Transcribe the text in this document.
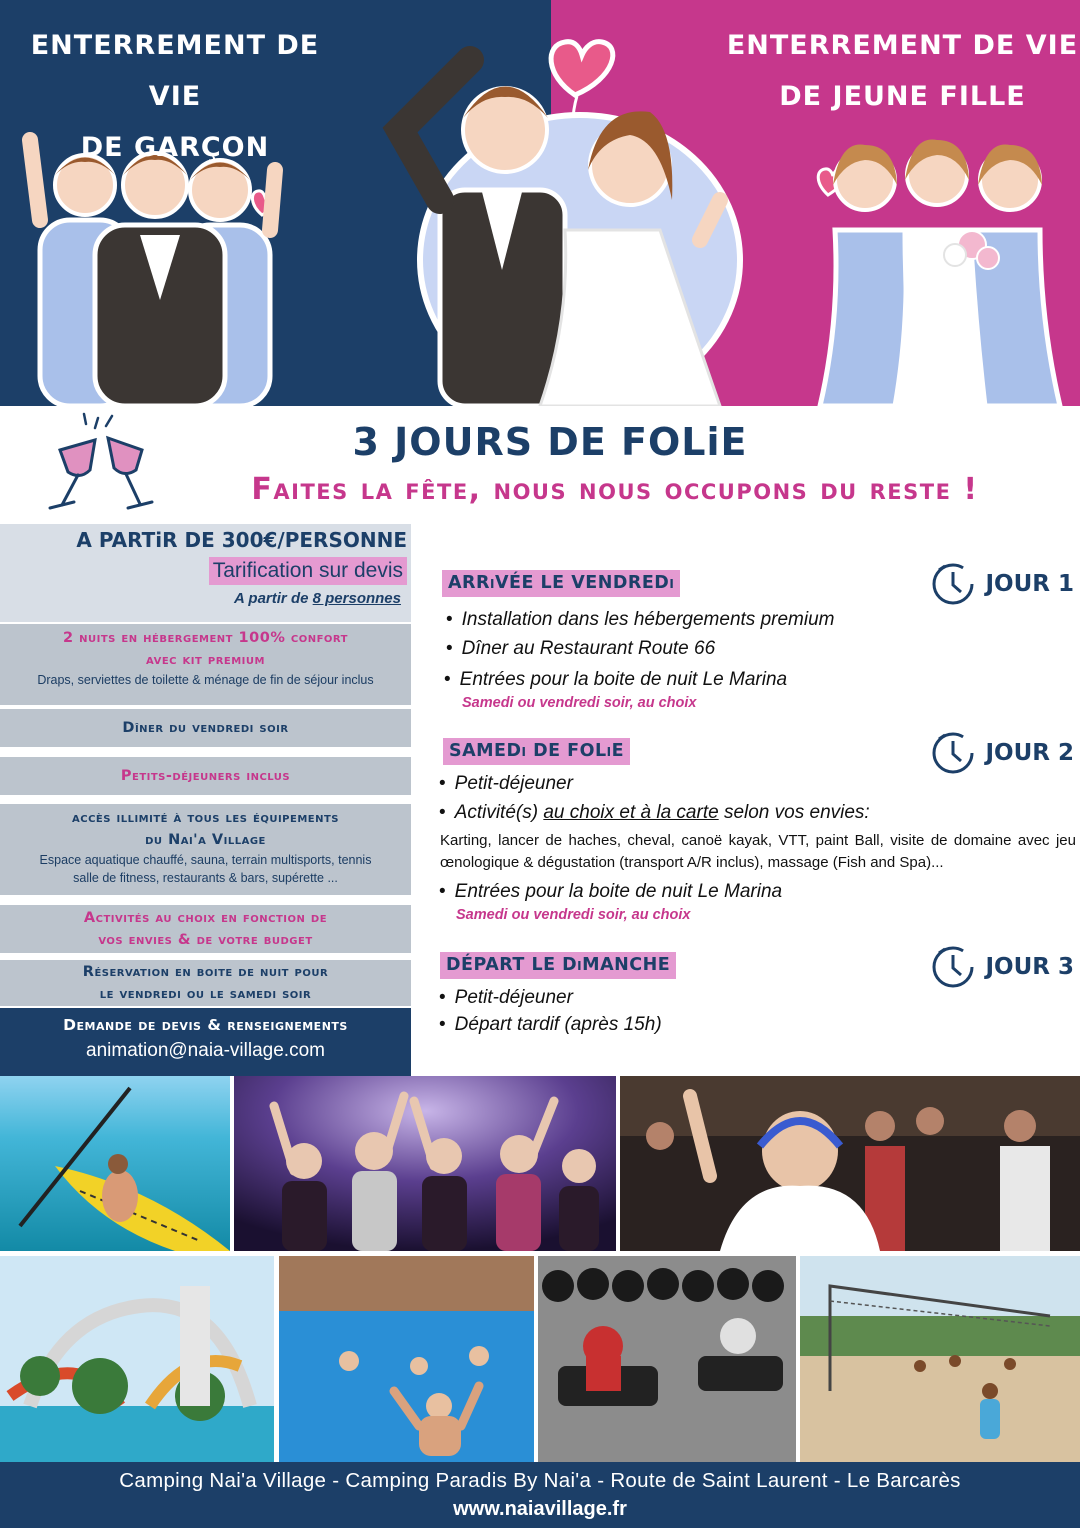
ENTERREMENT DE VIE
DE GARÇON
ENTERREMENT DE VIE
DE JEUNE FILLE
3 JOURS DE FOLiE
Faites la fête, nous nous occupons du reste !
A PARTiR DE 300€/PERSONNE
Tarification sur devis
A partir de 8 personnes
2 nuits en hébergement 100% confort
avec kit premium
Draps, serviettes de toilette & ménage de fin de séjour inclus
Dîner du vendredi soir
Petits-déjeuners inclus
accès illimité à tous les équipements
du Nai'a Village
Espace aquatique chauffé, sauna, terrain multisports, tennis
salle de fitness, restaurants & bars, supérette ...
Activités au choix en fonction de
vos envies & de votre budget
Réservation en boite de nuit pour
le vendredi ou le samedi soir
Demande de devis & renseignements
animation@naia-village.com
ARRiVÉE LE VENDREDi	JOUR 1
• Installation dans les hébergements premium
• Dîner au Restaurant Route 66
• Entrées pour la boite de nuit Le Marina
Samedi ou vendredi soir, au choix
SAMEDi DE FOLiE	JOUR 2
• Petit-déjeuner
• Activité(s) au choix et à la carte selon vos envies:
Karting, lancer de haches, cheval, canoë kayak, VTT, paint Ball, visite de domaine avec jeu œnologique & dégustation (transport A/R inclus), massage (Fish and Spa)...
• Entrées pour la boite de nuit Le Marina
Samedi ou vendredi soir, au choix
DÉPART LE DiMANCHE	JOUR 3
• Petit-déjeuner
• Départ tardif (après 15h)
Camping Nai'a Village - Camping Paradis By Nai'a - Route de Saint Laurent - Le Barcarès
www.naiavillage.fr
